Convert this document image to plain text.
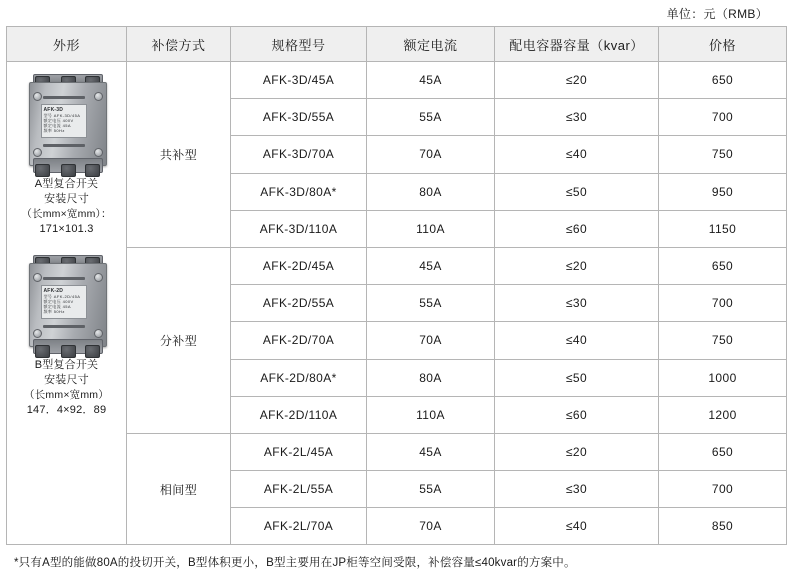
单位：元（RMB）
外形	补偿方式	规格型号	额定电流	配电容器容量（kvar）	价格

AFK-3D
型号 AFK-3D/45A
额定电压 400V
额定电流 45A
频率 50Hz
A型复合开关
安装尺寸
（长mm×宽mm）：
171×101.3
AFK-2D
型号 AFK-2D/45A
额定电压 400V
额定电流 45A
频率 50Hz
B型复合开关
安装尺寸
（长mm×宽mm）
147．4×92．89
	共补型	AFK-3D/45A	45A	≤20	650
		AFK-3D/55A	55A	≤30	700
		AFK-3D/70A	70A	≤40	750
		AFK-3D/80A*	80A	≤50	950
		AFK-3D/110A	110A	≤60	1150
	分补型	AFK-2D/45A	45A	≤20	650
		AFK-2D/55A	55A	≤30	700
		AFK-2D/70A	70A	≤40	750
		AFK-2D/80A*	80A	≤50	1000
		AFK-2D/110A	110A	≤60	1200
	相间型	AFK-2L/45A	45A	≤20	650
		AFK-2L/55A	55A	≤30	700
		AFK-2L/70A	70A	≤40	850
*只有A型的能做80A的投切开关，B型体积更小，B型主要用在JP柜等空间受限，补偿容量≤40kvar的方案中。
